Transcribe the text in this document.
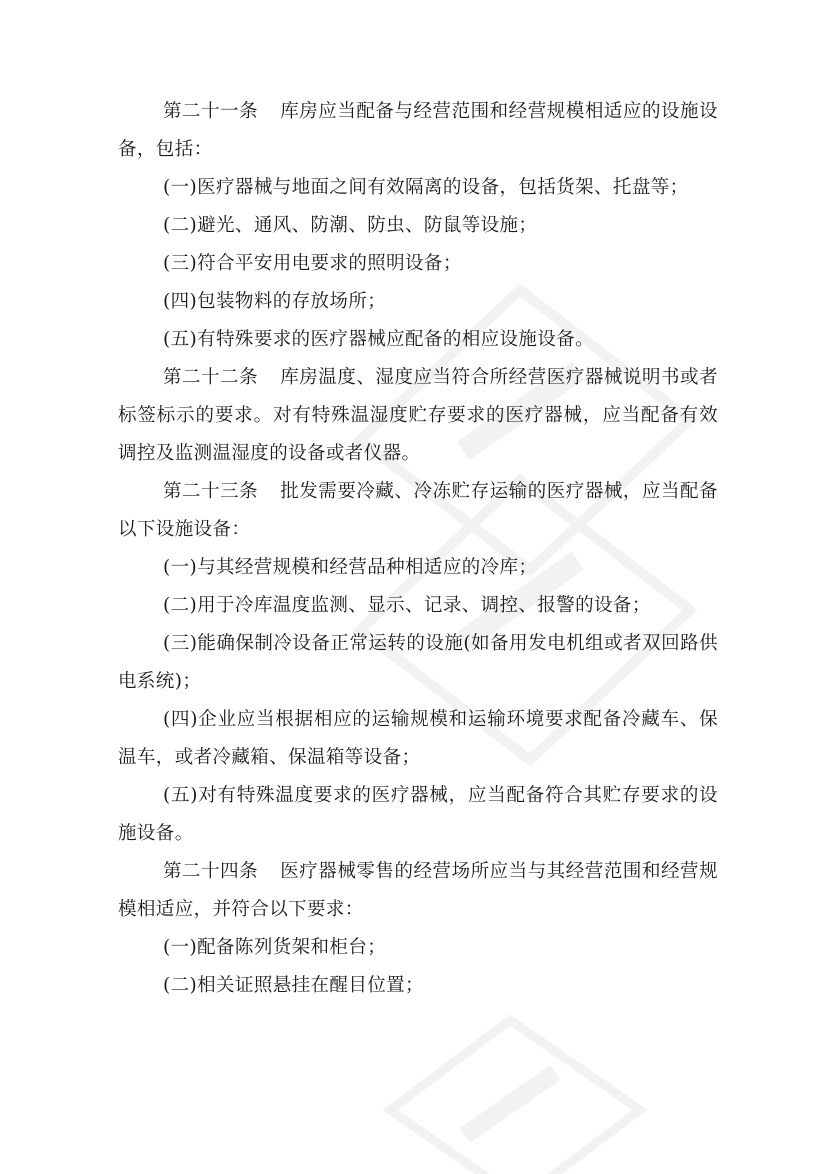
第二十一条 库房应当配备与经营范围和经营规模相适应的设施设备，包括：

(一)医疗器械与地面之间有效隔离的设备，包括货架、托盘等；

(二)避光、通风、防潮、防虫、防鼠等设施；

(三)符合平安用电要求的照明设备；

(四)包装物料的存放场所；

(五)有特殊要求的医疗器械应配备的相应设施设备。

第二十二条 库房温度、湿度应当符合所经营医疗器械说明书或者标签标示的要求。对有特殊温湿度贮存要求的医疗器械，应当配备有效调控及监测温湿度的设备或者仪器。

第二十三条 批发需要冷藏、冷冻贮存运输的医疗器械，应当配备以下设施设备：

(一)与其经营规模和经营品种相适应的冷库；

(二)用于冷库温度监测、显示、记录、调控、报警的设备；

(三)能确保制冷设备正常运转的设施(如备用发电机组或者双回路供电系统)；

(四)企业应当根据相应的运输规模和运输环境要求配备冷藏车、保温车，或者冷藏箱、保温箱等设备；

(五)对有特殊温度要求的医疗器械，应当配备符合其贮存要求的设施设备。

第二十四条 医疗器械零售的经营场所应当与其经营范围和经营规模相适应，并符合以下要求：

(一)配备陈列货架和柜台；

(二)相关证照悬挂在醒目位置；
